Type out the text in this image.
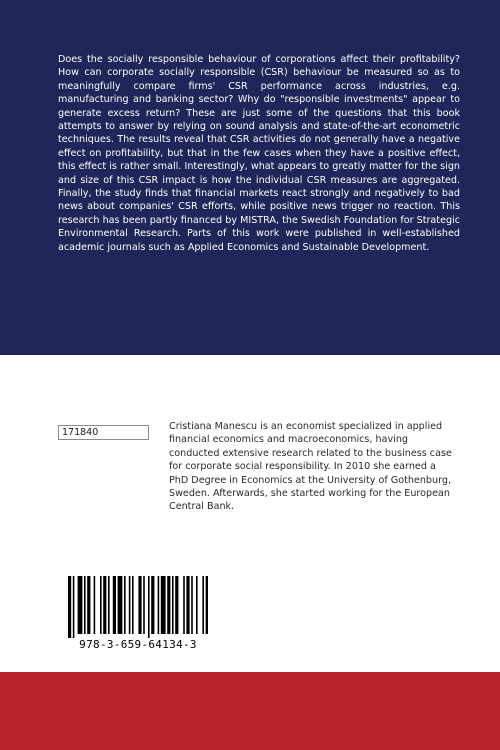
Does the socially responsible behaviour of corporations affect their profitability? How can corporate socially responsible (CSR) behaviour be measured so as to meaningfully compare firms' CSR performance across industries, e.g. manufacturing and banking sector? Why do "responsible investments" appear to generate excess return? These are just some of the questions that this book attempts to answer by relying on sound analysis and state-of-the-art econometric techniques. The results reveal that CSR activities do not generally have a negative effect on profitability, but that in the few cases when they have a positive effect, this effect is rather small. Interestingly, what appears to greatly matter for the sign and size of this CSR impact is how the individual CSR measures are aggregated. Finally, the study finds that financial markets react strongly and negatively to bad news about companies' CSR efforts, while positive news trigger no reaction. This research has been partly financed by MISTRA, the Swedish Foundation for Strategic Environmental Research. Parts of this work were published in well-established academic journals such as Applied Economics and Sustainable Development.

171840

Cristiana Manescu is an economist specialized in applied financial economics and macroeconomics, having conducted extensive research related to the business case for corporate social responsibility. In 2010 she earned a PhD Degree in Economics at the University of Gothenburg, Sweden. Afterwards, she started working for the European Central Bank.

978-3-659-64134-3
